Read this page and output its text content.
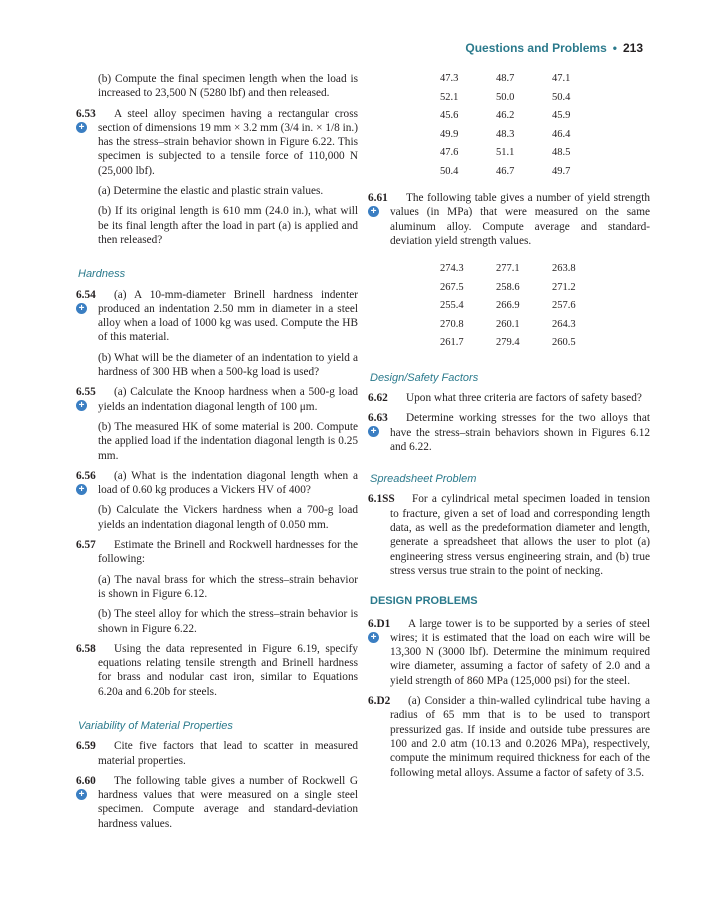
Questions and Problems • 213

(b) Compute the final specimen length when the load is increased to 23,500 N (5280 lbf) and then released.

6.53
+

A steel alloy specimen having a rectangular cross section of dimensions 19 mm × 3.2 mm (3/4 in. × 1/8 in.) has the stress–strain behavior shown in Figure 6.22. This specimen is subjected to a tensile force of 110,000 N (25,000 lbf).

(a) Determine the elastic and plastic strain values.

(b) If its original length is 610 mm (24.0 in.), what will be its final length after the load in part (a) is applied and then released?

Hardness
6.54
+

(a) A 10-mm-diameter Brinell hardness indenter produced an indentation 2.50 mm in diameter in a steel alloy when a load of 1000 kg was used. Compute the HB of this material.

(b) What will be the diameter of an indentation to yield a hardness of 300 HB when a 500-kg load is used?

6.55
+

(a) Calculate the Knoop hardness when a 500-g load yields an indentation diagonal length of 100 μm.

(b) The measured HK of some material is 200. Compute the applied load if the indentation diagonal length is 0.25 mm.

6.56
+

(a) What is the indentation diagonal length when a load of 0.60 kg produces a Vickers HV of 400?

(b) Calculate the Vickers hardness when a 700-g load yields an indentation diagonal length of 0.050 mm.

6.57	Estimate the Brinell and Rockwell hardnesses for the following:

(a) The naval brass for which the stress–strain behavior is shown in Figure 6.12.

(b) The steel alloy for which the stress–strain behavior is shown in Figure 6.22.

6.58	Using the data represented in Figure 6.19, specify equations relating tensile strength and Brinell hardness for brass and nodular cast iron, similar to Equations 6.20a and 6.20b for steels.

Variability of Material Properties
6.59	Cite five factors that lead to scatter in measured material properties.

6.60
+

The following table gives a number of Rockwell G hardness values that were measured on a single steel specimen. Compute average and standard-deviation hardness values.

47.3	48.7	47.1
52.1	50.0	50.4
45.6	46.2	45.9
49.9	48.3	46.4
47.6	51.1	48.5
50.4	46.7	49.7
6.61
+

The following table gives a number of yield strength values (in MPa) that were measured on the same aluminum alloy. Compute average and standard-deviation yield strength values.

274.3	277.1	263.8
267.5	258.6	271.2
255.4	266.9	257.6
270.8	260.1	264.3
261.7	279.4	260.5
Design/Safety Factors
6.62	Upon what three criteria are factors of safety based?

6.63
+

Determine working stresses for the two alloys that have the stress–strain behaviors shown in Figures 6.12 and 6.22.

Spreadsheet Problem
6.1SS	For a cylindrical metal specimen loaded in tension to fracture, given a set of load and corresponding length data, as well as the predeformation diameter and length, generate a spreadsheet that allows the user to plot (a) engineering stress versus engineering strain, and (b) true stress versus true strain to the point of necking.

DESIGN PROBLEMS
6.D1
+

A large tower is to be supported by a series of steel wires; it is estimated that the load on each wire will be 13,300 N (3000 lbf). Determine the minimum required wire diameter, assuming a factor of safety of 2.0 and a yield strength of 860 MPa (125,000 psi) for the steel.

6.D2	(a) Consider a thin-walled cylindrical tube having a radius of 65 mm that is to be used to transport pressurized gas. If inside and outside tube pressures are 100 and 2.0 atm (10.13 and 0.2026 MPa), respectively, compute the minimum required thickness for each of the following metal alloys. Assume a factor of safety of 3.5.
